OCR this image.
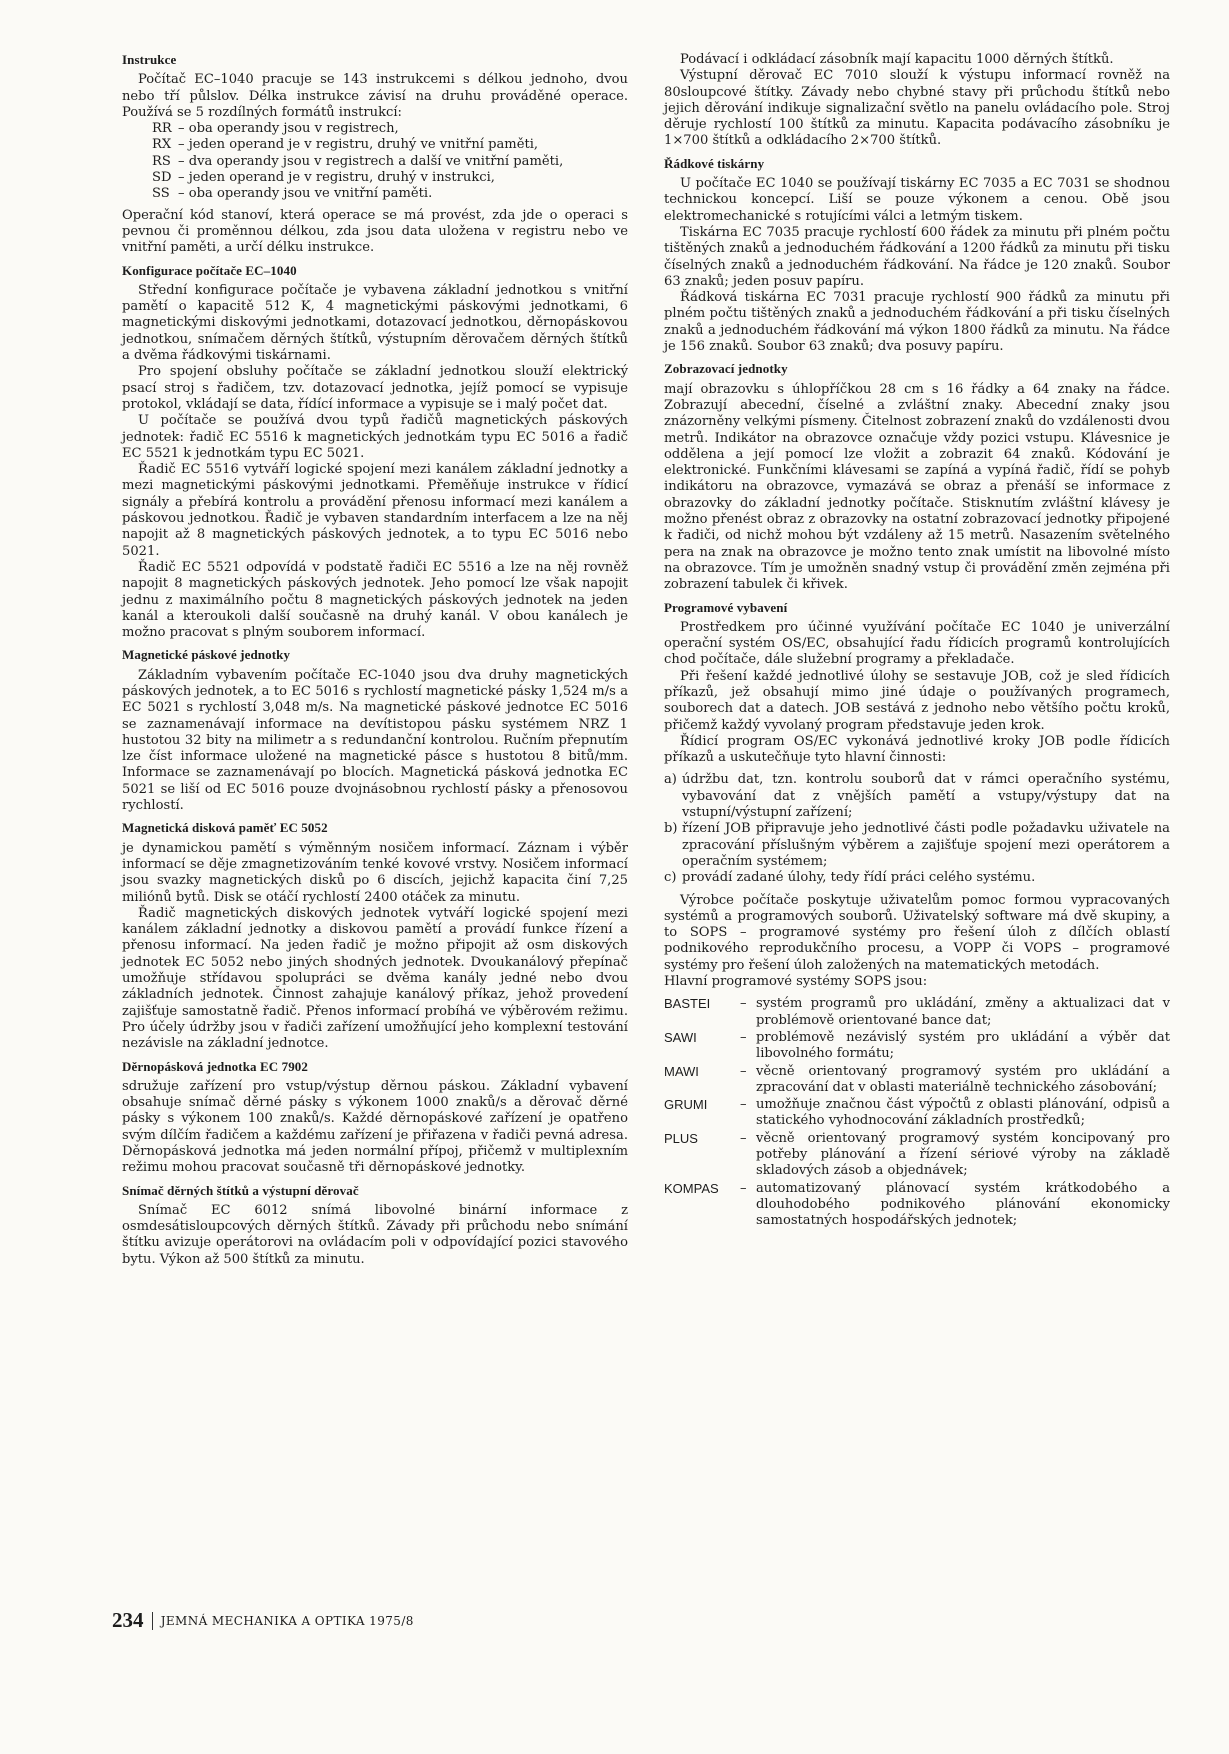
Instrukce

Počítač EC–1040 pracuje se 143 instrukcemi s délkou jednoho, dvou nebo tří půlslov. Délka instrukce závisí na druhu prováděné operace. Používá se 5 rozdílných formátů instrukcí:

RR – oba operandy jsou v registrech,
RX – jeden operand je v registru, druhý ve vnitřní paměti,
RS – dva operandy jsou v registrech a další ve vnitřní paměti,
SD – jeden operand je v registru, druhý v instrukci,
SS – oba operandy jsou ve vnitřní paměti.

Operační kód stanoví, která operace se má provést, zda jde o operaci s pevnou či proměnnou délkou, zda jsou data uložena v registru nebo ve vnitřní paměti, a určí délku instrukce.

Konfigurace počítače EC–1040

Střední konfigurace počítače je vybavena základní jednotkou s vnitřní pamětí o kapacitě 512 K, 4 magnetickými páskovými jednotkami, 6 magnetickými diskovými jednotkami, dotazovací jednotkou, děrnopáskovou jednotkou, snímačem děrných štítků, výstupním děrovačem děrných štítků a dvěma řádkovými tiskárnami.

Pro spojení obsluhy počítače se základní jednotkou slouží elektrický psací stroj s řadičem, tzv. dotazovací jednotka, jejíž pomocí se vypisuje protokol, vkládají se data, řídící informace a vypisuje se i malý počet dat.

U počítače se používá dvou typů řadičů magnetických páskových jednotek: řadič EC 5516 k magnetických jednotkám typu EC 5016 a řadič EC 5521 k jednotkám typu EC 5021.

Řadič EC 5516 vytváří logické spojení mezi kanálem základní jednotky a mezi magnetickými páskovými jednotkami. Přeměňuje instrukce v řídicí signály a přebírá kontrolu a provádění přenosu informací mezi kanálem a páskovou jednotkou. Řadič je vybaven standardním interfacem a lze na něj napojit až 8 magnetických páskových jednotek, a to typu EC 5016 nebo 5021.

Řadič EC 5521 odpovídá v podstatě řadiči EC 5516 a lze na něj rovněž napojit 8 magnetických páskových jednotek. Jeho pomocí lze však napojit jednu z maximálního počtu 8 magnetických páskových jednotek na jeden kanál a kteroukoli další současně na druhý kanál. V obou kanálech je možno pracovat s plným souborem informací.

Magnetické páskové jednotky

Základním vybavením počítače EC-1040 jsou dva druhy magnetických páskových jednotek, a to EC 5016 s rychlostí magnetické pásky 1,524 m/s a EC 5021 s rychlostí 3,048 m/s. Na magnetické páskové jednotce EC 5016 se zaznamenávají informace na devítistopou pásku systémem NRZ 1 hustotou 32 bity na milimetr a s redundanční kontrolou. Ručním přepnutím lze číst informace uložené na magnetické pásce s hustotou 8 bitů/mm. Informace se zaznamenávají po blocích. Magnetická pásková jednotka EC 5021 se liší od EC 5016 pouze dvojnásobnou rychlostí pásky a přenosovou rychlostí.

Magnetická disková paměť EC 5052

je dynamickou pamětí s výměnným nosičem informací. Záznam i výběr informací se děje zmagnetizováním tenké kovové vrstvy. Nosičem informací jsou svazky magnetických disků po 6 discích, jejichž kapacita činí 7,25 miliónů bytů. Disk se otáčí rychlostí 2400 otáček za minutu.

Řadič magnetických diskových jednotek vytváří logické spojení mezi kanálem základní jednotky a diskovou pamětí a provádí funkce řízení a přenosu informací. Na jeden řadič je možno připojit až osm diskových jednotek EC 5052 nebo jiných shodných jednotek. Dvoukanálový přepínač umožňuje střídavou spolupráci se dvěma kanály jedné nebo dvou základních jednotek. Činnost zahajuje kanálový příkaz, jehož provedení zajišťuje samostatně řadič. Přenos informací probíhá ve výběrovém režimu. Pro účely údržby jsou v řadiči zařízení umožňující jeho komplexní testování nezávisle na základní jednotce.

Děrnopásková jednotka EC 7902

sdružuje zařízení pro vstup/výstup děrnou páskou. Základní vybavení obsahuje snímač děrné pásky s výkonem 1000 znaků/s a děrovač děrné pásky s výkonem 100 znaků/s. Každé děrnopáskové zařízení je opatřeno svým dílčím řadičem a každému zařízení je přiřazena v řadiči pevná adresa. Děrnopásková jednotka má jeden normální přípoj, přičemž v multiplexním režimu mohou pracovat současně tři děrnopáskové jednotky.

Snímač děrných štítků a výstupní děrovač

Snímač EC 6012 snímá libovolné binární informace z osmdesátisloupcových děrných štítků. Závady při průchodu nebo snímání štítku avizuje operátorovi na ovládacím poli v odpovídající pozici stavového bytu. Výkon až 500 štítků za minutu.

Podávací i odkládací zásobník mají kapacitu 1000 děrných štítků.

Výstupní děrovač EC 7010 slouží k výstupu informací rovněž na 80sloupcové štítky. Závady nebo chybné stavy při průchodu štítků nebo jejich děrování indikuje signalizační světlo na panelu ovládacího pole. Stroj děruje rychlostí 100 štítků za minutu. Kapacita podávacího zásobníku je 1×700 štítků a odkládacího 2×700 štítků.

Řádkové tiskárny

U počítače EC 1040 se používají tiskárny EC 7035 a EC 7031 se shodnou technickou koncepcí. Liší se pouze výkonem a cenou. Obě jsou elektromechanické s rotujícími válci a letmým tiskem.

Tiskárna EC 7035 pracuje rychlostí 600 řádek za minutu při plném počtu tištěných znaků a jednoduchém řádkování a 1200 řádků za minutu při tisku číselných znaků a jednoduchém řádkování. Na řádce je 120 znaků. Soubor 63 znaků; jeden posuv papíru.

Řádková tiskárna EC 7031 pracuje rychlostí 900 řádků za minutu při plném počtu tištěných znaků a jednoduchém řádkování a při tisku číselných znaků a jednoduchém řádkování má výkon 1800 řádků za minutu. Na řádce je 156 znaků. Soubor 63 znaků; dva posuvy papíru.

Zobrazovací jednotky

mají obrazovku s úhlopříčkou 28 cm s 16 řádky a 64 znaky na řádce. Zobrazují abecední, číselné a zvláštní znaky. Abecední znaky jsou znázorněny velkými písmeny. Čitelnost zobrazení znaků do vzdálenosti dvou metrů. Indikátor na obrazovce označuje vždy pozici vstupu. Klávesnice je oddělena a její pomocí lze vložit a zobrazit 64 znaků. Kódování je elektronické. Funkčními klávesami se zapíná a vypíná řadič, řídí se pohyb indikátoru na obrazovce, vymazává se obraz a přenáší se informace z obrazovky do základní jednotky počítače. Stisknutím zvláštní klávesy je možno přenést obraz z obrazovky na ostatní zobrazovací jednotky připojené k řadiči, od nichž mohou být vzdáleny až 15 metrů. Nasazením světelného pera na znak na obrazovce je možno tento znak umístit na libovolné místo na obrazovce. Tím je umožněn snadný vstup či provádění změn zejména při zobrazení tabulek či křivek.

Programové vybavení

Prostředkem pro účinné využívání počítače EC 1040 je univerzální operační systém OS/EC, obsahující řadu řídicích programů kontrolujících chod počítače, dále služební programy a překladače.

Při řešení každé jednotlivé úlohy se sestavuje JOB, což je sled řídicích příkazů, jež obsahují mimo jiné údaje o používaných programech, souborech dat a datech. JOB sestává z jednoho nebo většího počtu kroků, přičemž každý vyvolaný program představuje jeden krok.

Řídicí program OS/EC vykonává jednotlivé kroky JOB podle řídicích příkazů a uskutečňuje tyto hlavní činnosti:

a) údržbu dat, tzn. kontrolu souborů dat v rámci operačního systému, vybavování dat z vnějších pamětí a vstupy/výstupy dat na vstupní/výstupní zařízení;
b) řízení JOB připravuje jeho jednotlivé části podle požadavku uživatele na zpracování příslušným výběrem a zajišťuje spojení mezi operátorem a operačním systémem;
c) provádí zadané úlohy, tedy řídí práci celého systému.

Výrobce počítače poskytuje uživatelům pomoc formou vypracovaných systémů a programových souborů. Uživatelský software má dvě skupiny, a to SOPS – programové systémy pro řešení úloh z dílčích oblastí podnikového reprodukčního procesu, a VOPP či VOPS – programové systémy pro řešení úloh založených na matematických metodách.

Hlavní programové systémy SOPS jsou:

BASTEI	– systém programů pro ukládání, změny a aktualizaci dat v problémově orientované bance dat;
SAWI	– problémově nezávislý systém pro ukládání a výběr dat libovolného formátu;
MAWI	– věcně orientovaný programový systém pro ukládání a zpracování dat v oblasti materiálně technického zásobování;
GRUMI	– umožňuje značnou část výpočtů z oblasti plánování, odpisů a statického vyhodnocování základních prostředků;
PLUS	– věcně orientovaný programový systém koncipovaný pro potřeby plánování a řízení sériové výroby na základě skladových zásob a objednávek;
KOMPAS	– automatizovaný plánovací systém krátkodobého a dlouhodobého podnikového plánování ekonomicky samostatných hospodářských jednotek;
234 JEMNÁ MECHANIKA A OPTIKA 1975/8
